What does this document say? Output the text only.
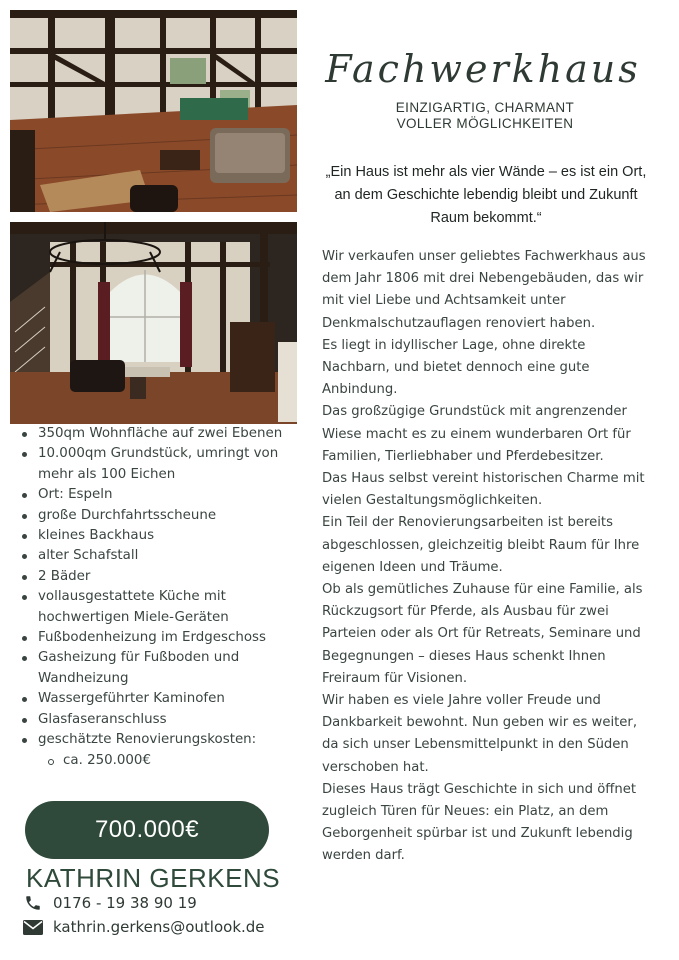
Fachwerkhaus
EINZIGARTIG, CHARMANT
VOLLER MÖGLICHKEITEN

„Ein Haus ist mehr als vier Wände – es ist ein Ort, an dem Geschichte lebendig bleibt und Zukunft Raum bekommt.“

Wir verkaufen unser geliebtes Fachwerkhaus aus dem Jahr 1806 mit drei Nebengebäuden, das wir mit viel Liebe und Achtsamkeit unter Denkmalschutzauflagen renoviert haben.

Es liegt in idyllischer Lage, ohne direkte Nachbarn, und bietet dennoch eine gute Anbindung.

Das großzügige Grundstück mit angrenzender Wiese macht es zu einem wunderbaren Ort für Familien, Tierliebhaber und Pferdebesitzer.

Das Haus selbst vereint historischen Charme mit vielen Gestaltungsmöglichkeiten.

Ein Teil der Renovierungsarbeiten ist bereits abgeschlossen, gleichzeitig bleibt Raum für Ihre eigenen Ideen und Träume.

Ob als gemütliches Zuhause für eine Familie, als Rückzugsort für Pferde, als Ausbau für zwei Parteien oder als Ort für Retreats, Seminare und Begegnungen – dieses Haus schenkt Ihnen Freiraum für Visionen.

Wir haben es viele Jahre voller Freude und Dankbarkeit bewohnt. Nun geben wir es weiter, da sich unser Lebensmittelpunkt in den Süden verschoben hat.

Dieses Haus trägt Geschichte in sich und öffnet zugleich Türen für Neues: ein Platz, an dem Geborgenheit spürbar ist und Zukunft lebendig werden darf.

350qm Wohnfläche auf zwei Ebenen
10.000qm Grundstück, umringt von mehr als 100 Eichen
Ort: Espeln
große Durchfahrtsscheune
kleines Backhaus
alter Schafstall
2 Bäder
vollausgestattete Küche mit hochwertigen Miele-Geräten
Fußbodenheizung im Erdgeschoss
Gasheizung für Fußboden und Wandheizung
Wassergeführter Kaminofen
Glasfaseranschluss
geschätzte Renovierungskosten:
ca. 250.000€
700.000€
KATHRIN GERKENS
0176 - 19 38 90 19
kathrin.gerkens@outlook.de
